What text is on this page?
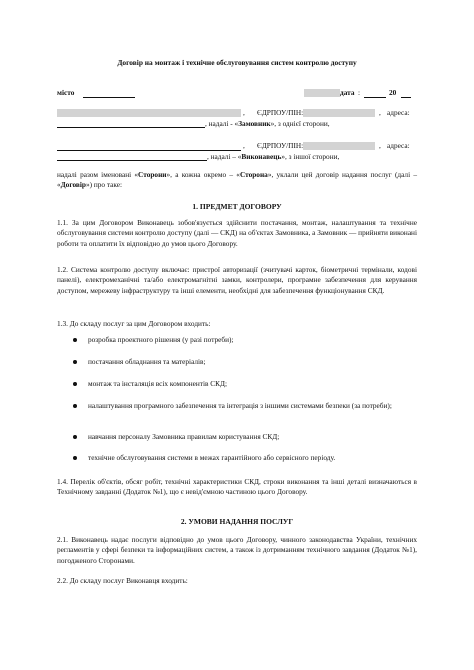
Договір на монтаж і технічне обслуговування систем контролю доступу
місто	дата :	20
, ЄДРПОУ/ПІН:	, адреса:
, надалі - «Замовник», з однієї сторони,
, ЄДРПОУ/ПІН:	, адреса:
, надалі – «Виконавець», з іншої сторони,
надалі разом іменовані «Сторони», а кожна окремо – «Сторона», уклали цей договір надання послуг (далі – «Договір») про таке:
1. ПРЕДМЕТ ДОГОВОРУ
1.1. За цим Договором Виконавець зобов'язується здійснити постачання, монтаж, налаштування та технічне обслуговування системи контролю доступу (далі — СКД) на об'єктах Замовника, а Замовник — прийняти виконані роботи та оплатити їх відповідно до умов цього Договору.
1.2. Система контролю доступу включає: пристрої авторизації (зчитувачі карток, біометричні термінали, кодові панелі), електромеханічні та/або електромагнітні замки, контролери, програмне забезпечення для керування доступом, мережеву інфраструктуру та інші елементи, необхідні для забезпечення функціонування СКД.
1.3. До складу послуг за цим Договором входить:
розробка проектного рішення (у разі потреби);
постачання обладнання та матеріалів;
монтаж та інсталяція всіх компонентів СКД;
налаштування програмного забезпечення та інтеграція з іншими системами безпеки (за потреби);
навчання персоналу Замовника правилам користування СКД;
технічне обслуговування системи в межах гарантійного або сервісного періоду.
1.4. Перелік об'єктів, обсяг робіт, технічні характеристики СКД, строки виконання та інші деталі визначаються в Технічному завданні (Додаток №1), що є невід'ємною частиною цього Договору.
2. УМОВИ НАДАННЯ ПОСЛУГ
2.1. Виконавець надає послуги відповідно до умов цього Договору, чинного законодавства України, технічних регламентів у сфері безпеки та інформаційних систем, а також із дотриманням технічного завдання (Додаток №1), погодженого Сторонами.
2.2. До складу послуг Виконавця входить:
